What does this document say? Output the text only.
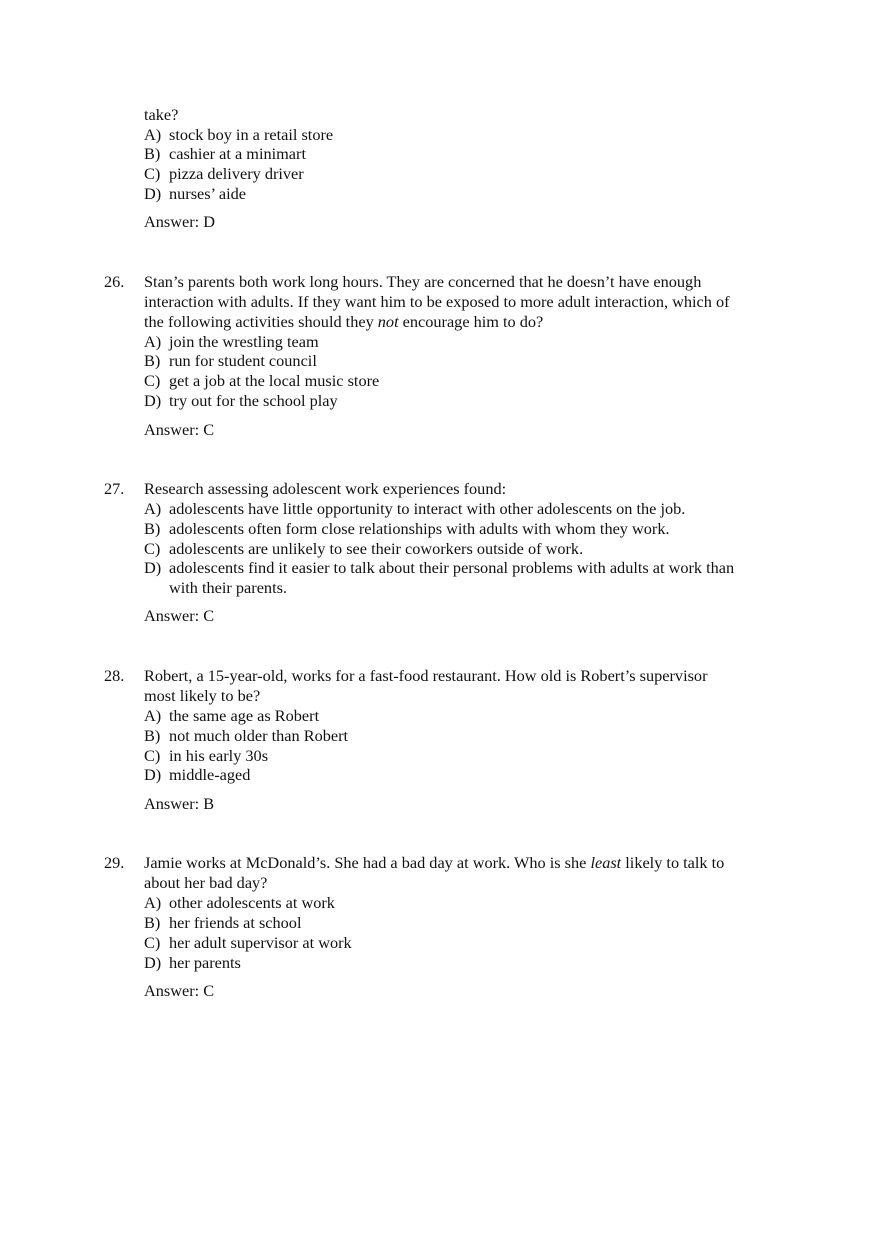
take?
A) stock boy in a retail store
B) cashier at a minimart
C) pizza delivery driver
D) nurses’ aide
Answer: D
26. Stan’s parents both work long hours. They are concerned that he doesn’t have enough
interaction with adults. If they want him to be exposed to more adult interaction, which of
the following activities should they not encourage him to do?
A) join the wrestling team
B) run for student council
C) get a job at the local music store
D) try out for the school play
Answer: C
27. Research assessing adolescent work experiences found:
A) adolescents have little opportunity to interact with other adolescents on the job.
B) adolescents often form close relationships with adults with whom they work.
C) adolescents are unlikely to see their coworkers outside of work.
D) adolescents find it easier to talk about their personal problems with adults at work than
with their parents.
Answer: C
28. Robert, a 15-year-old, works for a fast-food restaurant. How old is Robert’s supervisor
most likely to be?
A) the same age as Robert
B) not much older than Robert
C) in his early 30s
D) middle-aged
Answer: B
29. Jamie works at McDonald’s. She had a bad day at work. Who is she least likely to talk to
about her bad day?
A) other adolescents at work
B) her friends at school
C) her adult supervisor at work
D) her parents
Answer: C
